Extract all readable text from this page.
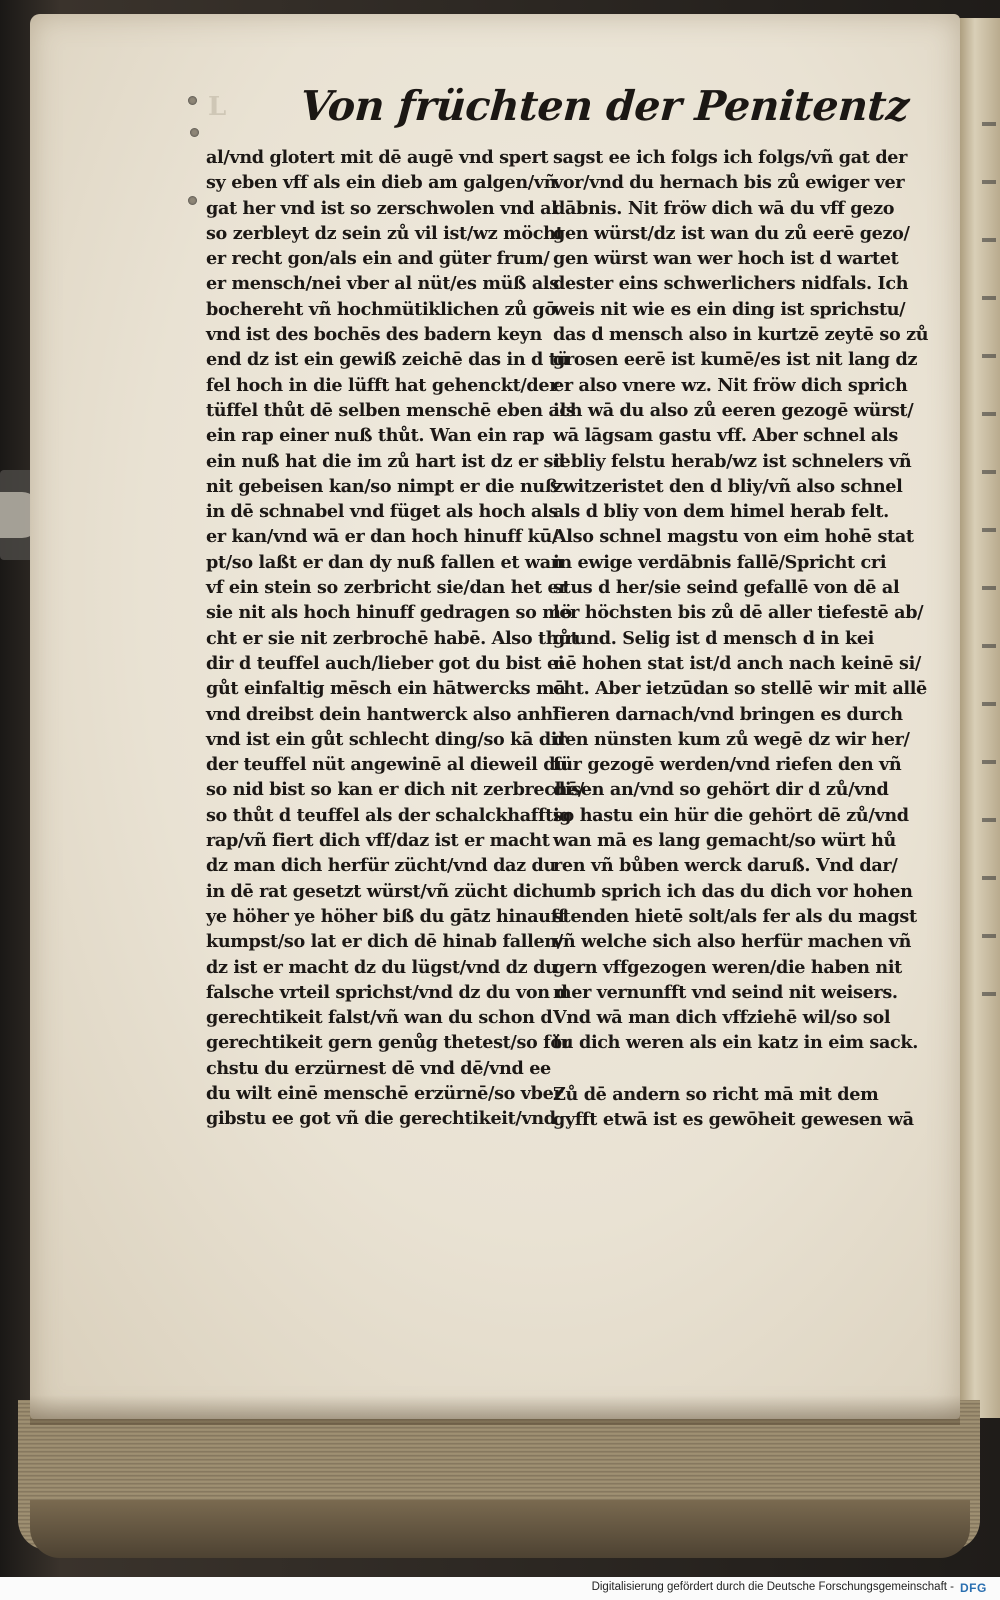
L Von früchten der Penitentz
al/vnd glotert mit dē augē vnd spert
sy eben vff als ein dieb am galgen/vñ
gat her vnd ist so zerschwolen vnd al
so zerbleyt dz sein zů vil ist/wz möcht
er recht gon/als ein and güter frum/
er mensch/nei vber al nüt/es müß als
bochereht vñ hochmütiklichen zů gō
vnd ist des bochēs des badern keyn
end dz ist ein gewiß zeichē das in d tü
fel hoch in die lüfft hat gehenckt/der
tüffel thůt dē selben menschē eben als
ein rap einer nuß thůt. Wan ein rap
ein nuß hat die im zů hart ist dz er sie
nit gebeisen kan/so nimpt er die nuß
in dē schnabel vnd füget als hoch als
er kan/vnd wā er dan hoch hinuff kū/
pt/so laßt er dan dy nuß fallen et wan
vf ein stein so zerbricht sie/dan het er
sie nit als hoch hinuff gedragen so mö
cht er sie nit zerbrochē habē. Also thůt
dir d teuffel auch/lieber got du bist ei
gůt einfaltig mēsch ein hātwercks mā
vnd dreibst dein hantwerck also anhī
vnd ist ein gůt schlecht ding/so kā dir
der teuffel nüt angewinē al dieweil du
so nid bist so kan er dich nit zerbrechē/
so thůt d teuffel als der schalckhafftig
rap/vñ fiert dich vff/daz ist er macht
dz man dich herfür zücht/vnd daz du
in dē rat gesetzt würst/vñ zücht dich
ye höher ye höher biß du gātz hinauff
kumpst/so lat er dich dē hinab fallen/
dz ist er macht dz du lügst/vnd dz du
falsche vrteil sprichst/vnd dz du von d
gerechtikeit falst/vñ wan du schon d
gerechtikeit gern genůg thetest/so för
chstu du erzürnest dē vnd dē/vnd ee
du wilt einē menschē erzürnē/so vber
gibstu ee got vñ die gerechtikeit/vnd
sagst ee ich folgs ich folgs/vñ gat der
vor/vnd du hernach bis zů ewiger ver
dābnis. Nit fröw dich wā du vff gezo
gen würst/dz ist wan du zů eerē gezo/
gen würst wan wer hoch ist d wartet
dester eins schwerlichers nidfals. Ich
weis nit wie es ein ding ist sprichstu/
das d mensch also in kurtzē zeytē so zů
grosen eerē ist kumē/es ist nit lang dz
er also vnere wz. Nit fröw dich sprich
ich wā du also zů eeren gezogē würst/
wā lāgsam gastu vff. Aber schnel als
d bliy felstu herab/wz ist schnelers vñ
zwitzeristet den d bliy/vñ also schnel
als d bliy von dem himel herab felt.
Also schnel magstu von eim hohē stat
in ewige verdābnis fallē/Spricht cri
stus d her/sie seind gefallē von dē al
ler höchsten bis zů dē aller tiefestē ab/
grund. Selig ist d mensch d in kei
nē hohen stat ist/d anch nach keinē si/
cht. Aber ietzūdan so stellē wir mit allē
fieren darnach/vnd bringen es durch
den nünsten kum zů wegē dz wir her/
für gezogē werden/vnd riefen den vñ
disen an/vnd so gehört dir d zů/vnd
so hastu ein hür die gehört dē zů/vnd
wan mā es lang gemacht/so würt hů
ren vñ bůben werck daruß. Vnd dar/
umb sprich ich das du dich vor hohen
stenden hietē solt/als fer als du magst
vñ welche sich also herfür machen vñ
gern vffgezogen weren/die haben nit
mer vernunfft vnd seind nit weisers.
Vnd wā man dich vffziehē wil/so sol
tu dich weren als ein katz in eim sack.
Zů dē andern so richt mā mit dem
gyfft etwā ist es gewōheit gewesen wā
Digitalisierung gefördert durch die Deutsche Forschungsgemeinschaft - DFG
